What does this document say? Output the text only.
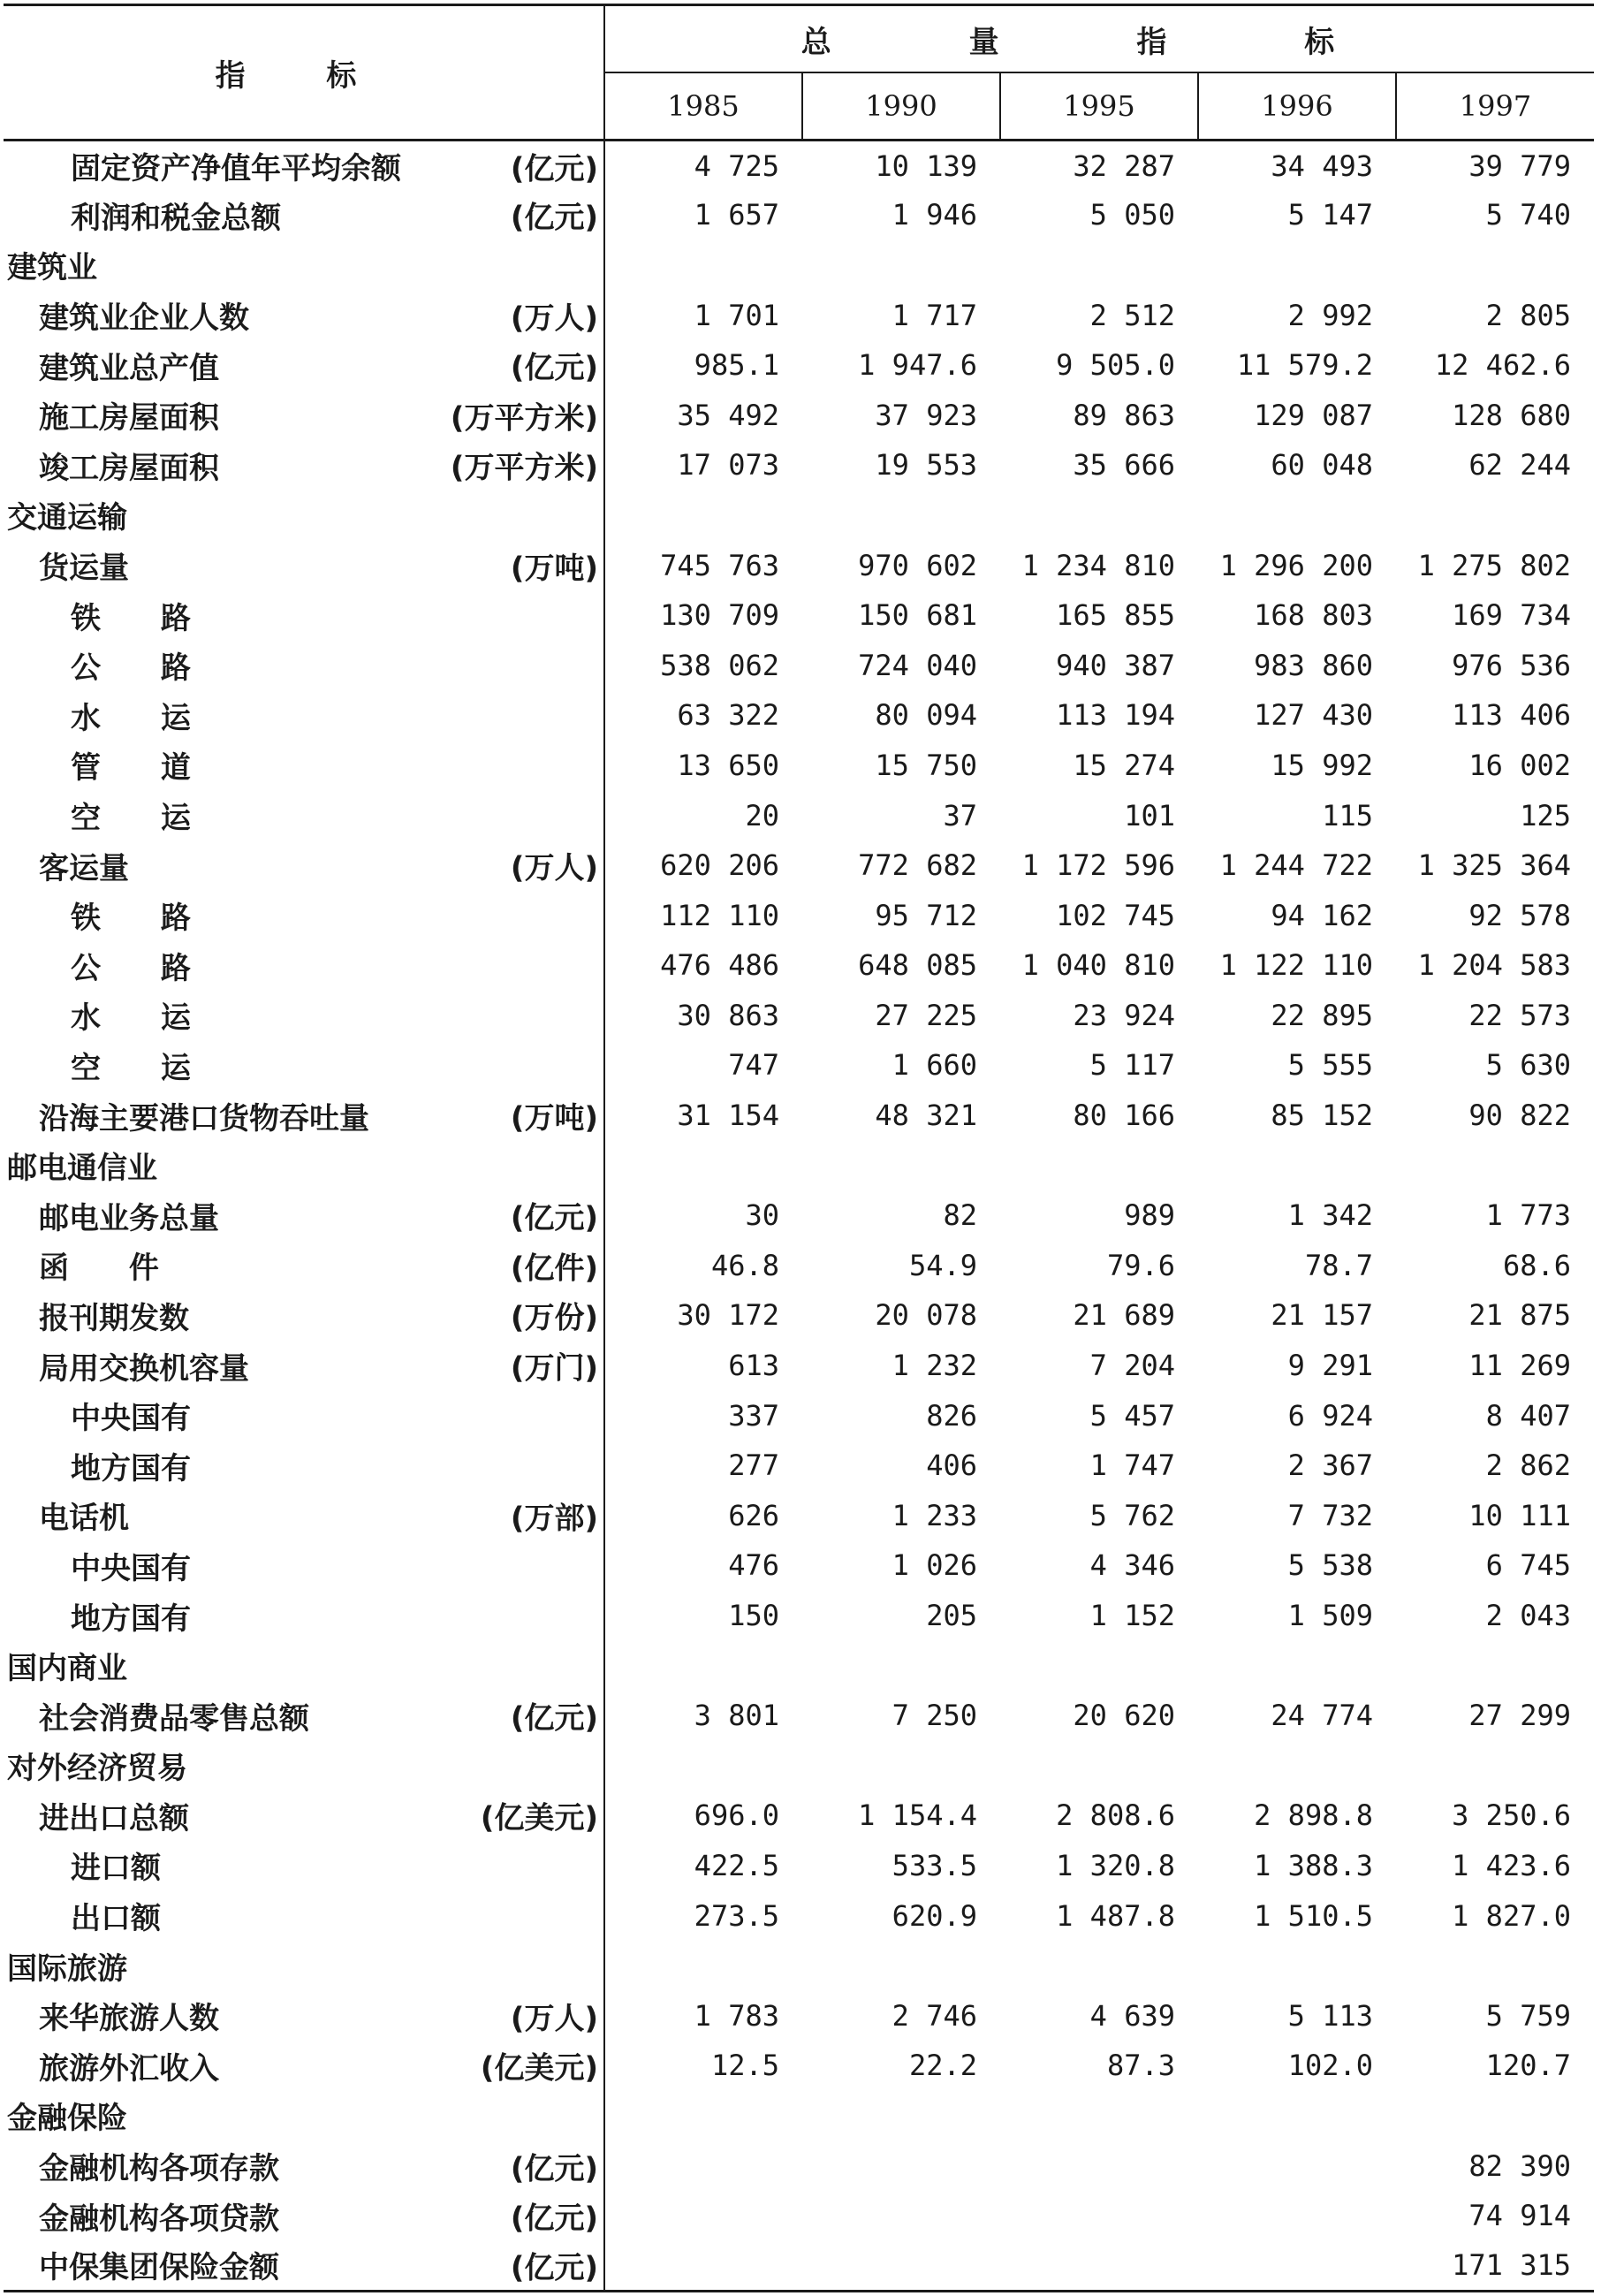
指 标	总 量 指 标				
	1985	1990	1995	1996	1997
固定资产净值年平均余额 (亿元)	4 725	10 139	32 287	34 493	39 779
利润和税金总额 (亿元)	1 657	1 946	5 050	5 147	5 740
建筑业

建筑业企业人数 (万人)	1 701	1 717	2 512	2 992	2 805
建筑业总产值 (亿元)	985.1	1 947.6	9 505.0	11 579.2	12 462.6
施工房屋面积 (万平方米)	35 492	37 923	89 863	129 087	128 680
竣工房屋面积 (万平方米)	17 073	19 553	35 666	60 048	62 244
交通运输

货运量 (万吨)	745 763	970 602	1 234 810	1 296 200	1 275 802
铁 路	130 709	150 681	165 855	168 803	169 734
公 路	538 062	724 040	940 387	983 860	976 536
水 运	63 322	80 094	113 194	127 430	113 406
管 道	13 650	15 750	15 274	15 992	16 002
空 运	20	37	101	115	125
客运量 (万人)	620 206	772 682	1 172 596	1 244 722	1 325 364
铁 路	112 110	95 712	102 745	94 162	92 578
公 路	476 486	648 085	1 040 810	1 122 110	1 204 583
水 运	30 863	27 225	23 924	22 895	22 573
空 运	747	1 660	5 117	5 555	5 630
沿海主要港口货物吞吐量 (万吨)	31 154	48 321	80 166	85 152	90 822
邮电通信业

邮电业务总量 (亿元)	30	82	989	1 342	1 773
函 件 (亿件)	46.8	54.9	79.6	78.7	68.6
报刊期发数 (万份)	30 172	20 078	21 689	21 157	21 875
局用交换机容量 (万门)	613	1 232	7 204	9 291	11 269
中央国有	337	826	5 457	6 924	8 407
地方国有	277	406	1 747	2 367	2 862
电话机 (万部)	626	1 233	5 762	7 732	10 111
中央国有	476	1 026	4 346	5 538	6 745
地方国有	150	205	1 152	1 509	2 043
国内商业

社会消费品零售总额 (亿元)	3 801	7 250	20 620	24 774	27 299
对外经济贸易

进出口总额 (亿美元)	696.0	1 154.4	2 808.6	2 898.8	3 250.6
进口额	422.5	533.5	1 320.8	1 388.3	1 423.6
出口额	273.5	620.9	1 487.8	1 510.5	1 827.0
国际旅游

来华旅游人数 (万人)	1 783	2 746	4 639	5 113	5 759
旅游外汇收入 (亿美元)	12.5	22.2	87.3	102.0	120.7
金融保险

金融机构各项存款 (亿元)					82 390
金融机构各项贷款 (亿元)					74 914
中保集团保险金额 (亿元)					171 315
